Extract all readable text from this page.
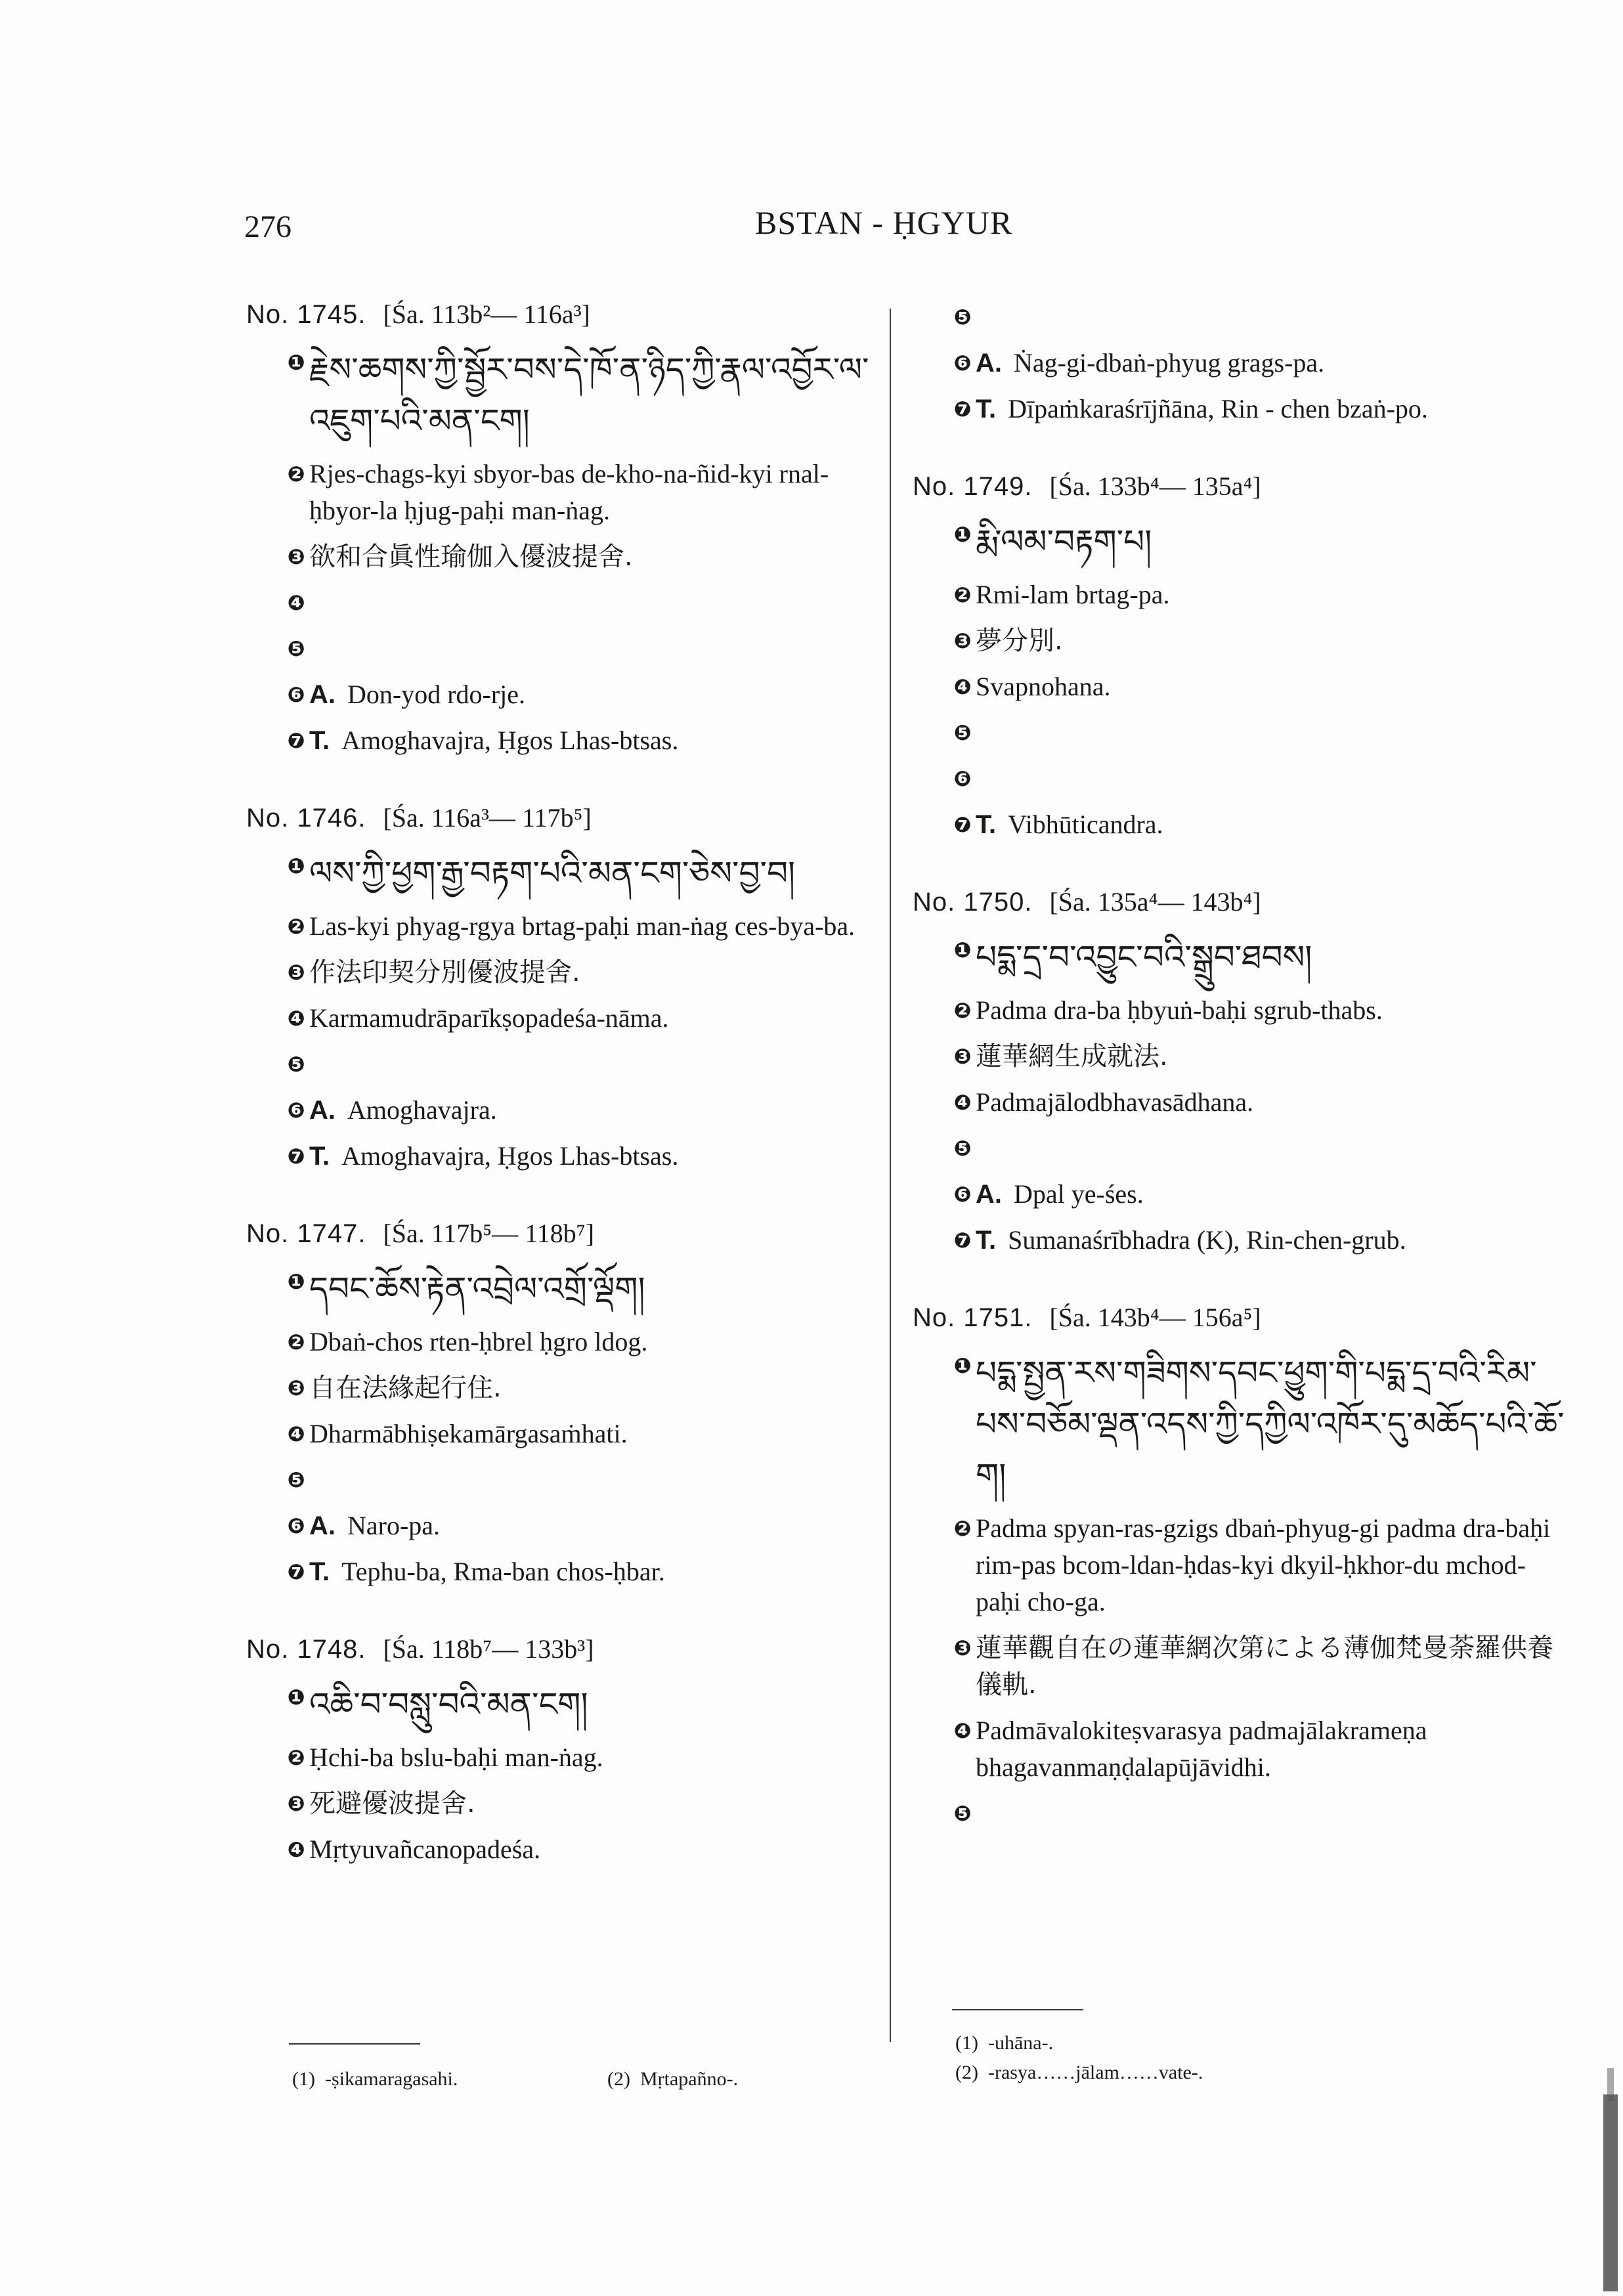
276	BSTAN - ḤGYUR
No. 1745. [Śa. 113b²— 116a³]
❶ རྗེས་ཆགས་ཀྱི་སྦྱོར་བས་དེ་ཁོ་ན་ཉིད་ཀྱི་རྣལ་འབྱོར་ལ་འཇུག་པའི་མན་ངག།
❷ Rjes-chags-kyi sbyor-bas de-kho-na-ñid-kyi rnal-ḥbyor-la ḥjug-paḥi man-ṅag.
❸ 欲和合眞性瑜伽入優波提舍.
❹
❺
❻ A. Don-yod rdo-rje.
❼ T. Amoghavajra, Ḥgos Lhas-btsas.
No. 1746. [Śa. 116a³— 117b⁵]
❶ ལས་ཀྱི་ཕྱག་རྒྱ་བརྟག་པའི་མན་ངག་ཅེས་བྱ་བ།
❷ Las-kyi phyag-rgya brtag-paḥi man-ṅag ces-bya-ba.
❸ 作法印契分別優波提舍.
❹ Karmamudrāparīkṣopadeśa-nāma.
❺
❻ A. Amoghavajra.
❼ T. Amoghavajra, Ḥgos Lhas-btsas.
No. 1747. [Śa. 117b⁵— 118b⁷]
❶ དབང་ཆོས་རྟེན་འབྲེལ་འགྲོ་ལྡོག།
❷ Dbaṅ-chos rten-ḥbrel ḥgro ldog.
❸ 自在法緣起行住.
❹ Dharmābhiṣekamārgasaṁhati.
❺
❻ A. Naro-pa.
❼ T. Tephu-ba, Rma-ban chos-ḥbar.
No. 1748. [Śa. 118b⁷— 133b³]
❶ འཆི་བ་བསླུ་བའི་མན་ངག།
❷ Ḥchi-ba bslu-baḥi man-ṅag.
❸ 死避優波提舍.
❹ Mṛtyuvañcanopadeśa.
❺
❻ A. Ṅag-gi-dbaṅ-phyug grags-pa.
❼ T. Dīpaṁkaraśrījñāna, Rin - chen bzaṅ-po.
No. 1749. [Śa. 133b⁴— 135a⁴]
❶ རྨི་ལམ་བརྟག་པ།
❷ Rmi-lam brtag-pa.
❸ 夢分別.
❹ Svapnohana.
❺
❻
❼ T. Vibhūticandra.
No. 1750. [Śa. 135a⁴— 143b⁴]
❶ པདྨ་དྲ་བ་འབྱུང་བའི་སྒྲུབ་ཐབས།
❷ Padma dra-ba ḥbyuṅ-baḥi sgrub-thabs.
❸ 蓮華網生成就法.
❹ Padmajālodbhavasādhana.
❺
❻ A. Dpal ye-śes.
❼ T. Sumanaśrībhadra (K), Rin-chen-grub.
No. 1751. [Śa. 143b⁴— 156a⁵]
❶ པདྨ་སྤྱན་རས་གཟིགས་དབང་ཕྱུག་གི་པདྨ་དྲ་བའི་རིམ་པས་བཅོམ་ལྡན་འདས་ཀྱི་དཀྱིལ་འཁོར་དུ་མཆོད་པའི་ཆོ་ག།
❷ Padma spyan-ras-gzigs dbaṅ-phyug-gi padma dra-baḥi rim-pas bcom-ldan-ḥdas-kyi dkyil-ḥkhor-du mchod-paḥi cho-ga.
❸ 蓮華觀自在の蓮華網次第による薄伽梵曼荼羅供養儀軌.
❹ Padmāvalokiteṣvarasya padmajālakrameṇa bhagavanmaṇḍalapūjāvidhi.
❺
(1) -ṣikamaragasahi.	(2) Mṛtapañno-.
(1) -uhāna-.
(2) -rasya……jālam……vate-.
